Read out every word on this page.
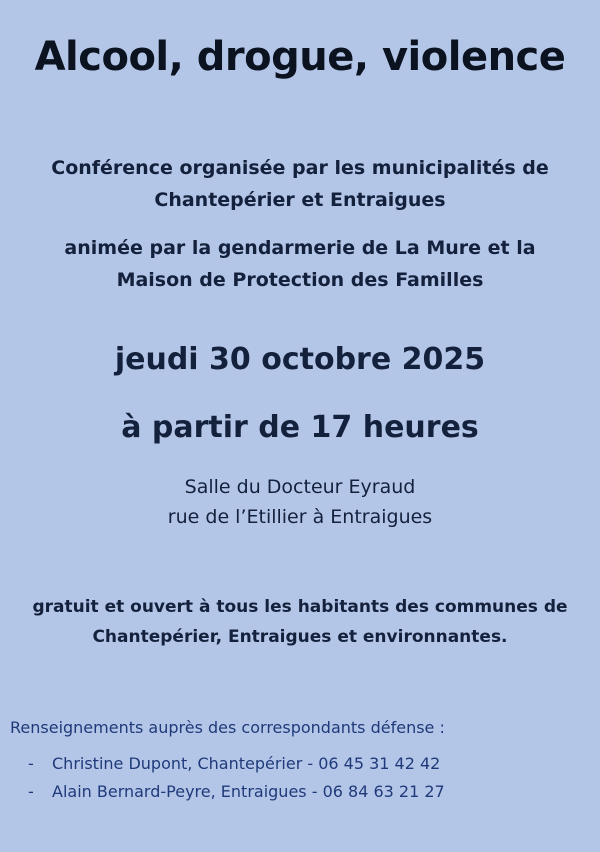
Alcool, drogue, violence
Conférence organisée par les municipalités de
Chantepérier et Entraigues
animée par la gendarmerie de La Mure et la
Maison de Protection des Familles
jeudi 30 octobre 2025
à partir de 17 heures
Salle du Docteur Eyraud
rue de l’Etillier à Entraigues
gratuit et ouvert à tous les habitants des communes de
Chantepérier, Entraigues et environnantes.
Renseignements auprès des correspondants défense :
-	Christine Dupont, Chantepérier - 06 45 31 42 42
-	Alain Bernard-Peyre, Entraigues - 06 84 63 21 27
